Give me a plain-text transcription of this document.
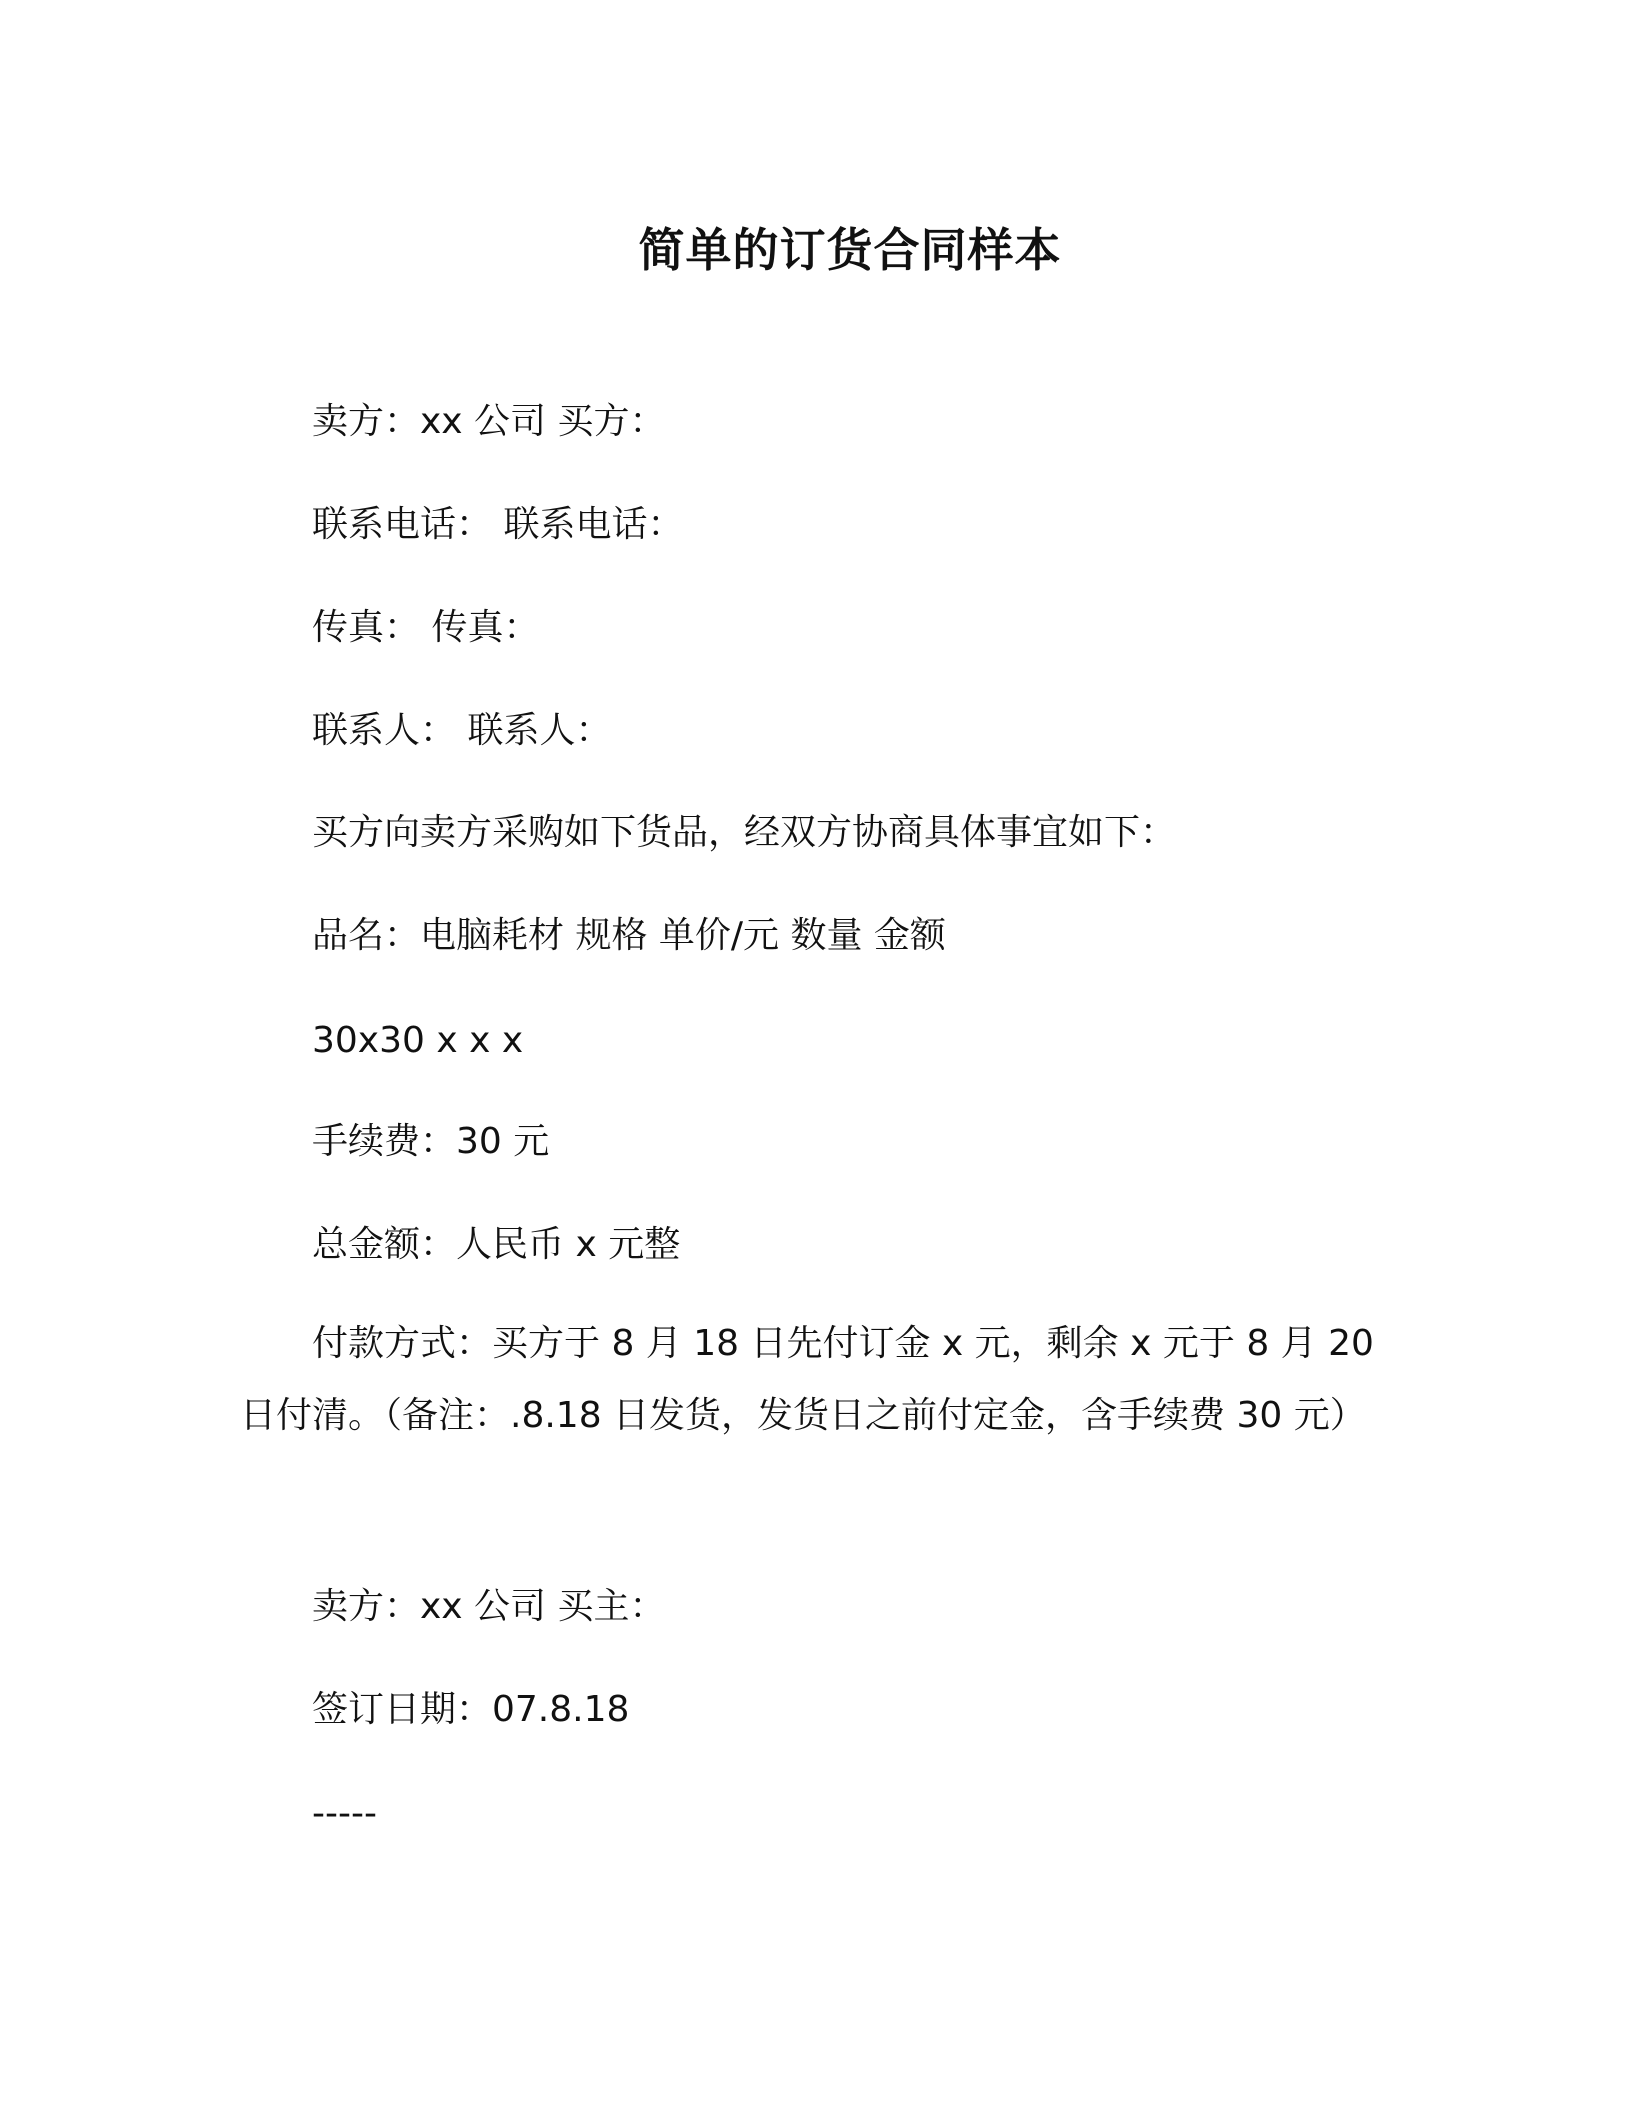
简单的订货合同样本
卖方：xx 公司 买方：
联系电话： 联系电话：
传真： 传真：
联系人： 联系人：
买方向卖方采购如下货品，经双方协商具体事宜如下：
品名：电脑耗材 规格 单价/元 数量 金额
30x30 x x x
手续费：30 元
总金额：人民币 x 元整
付款方式：买方于 8 月 18 日先付订金 x 元，剩余 x 元于 8 月 20 日付清。（备注：.8.18 日发货，发货日之前付定金，含手续费 30 元）
卖方：xx 公司 买主：
签订日期：07.8.18
-----
